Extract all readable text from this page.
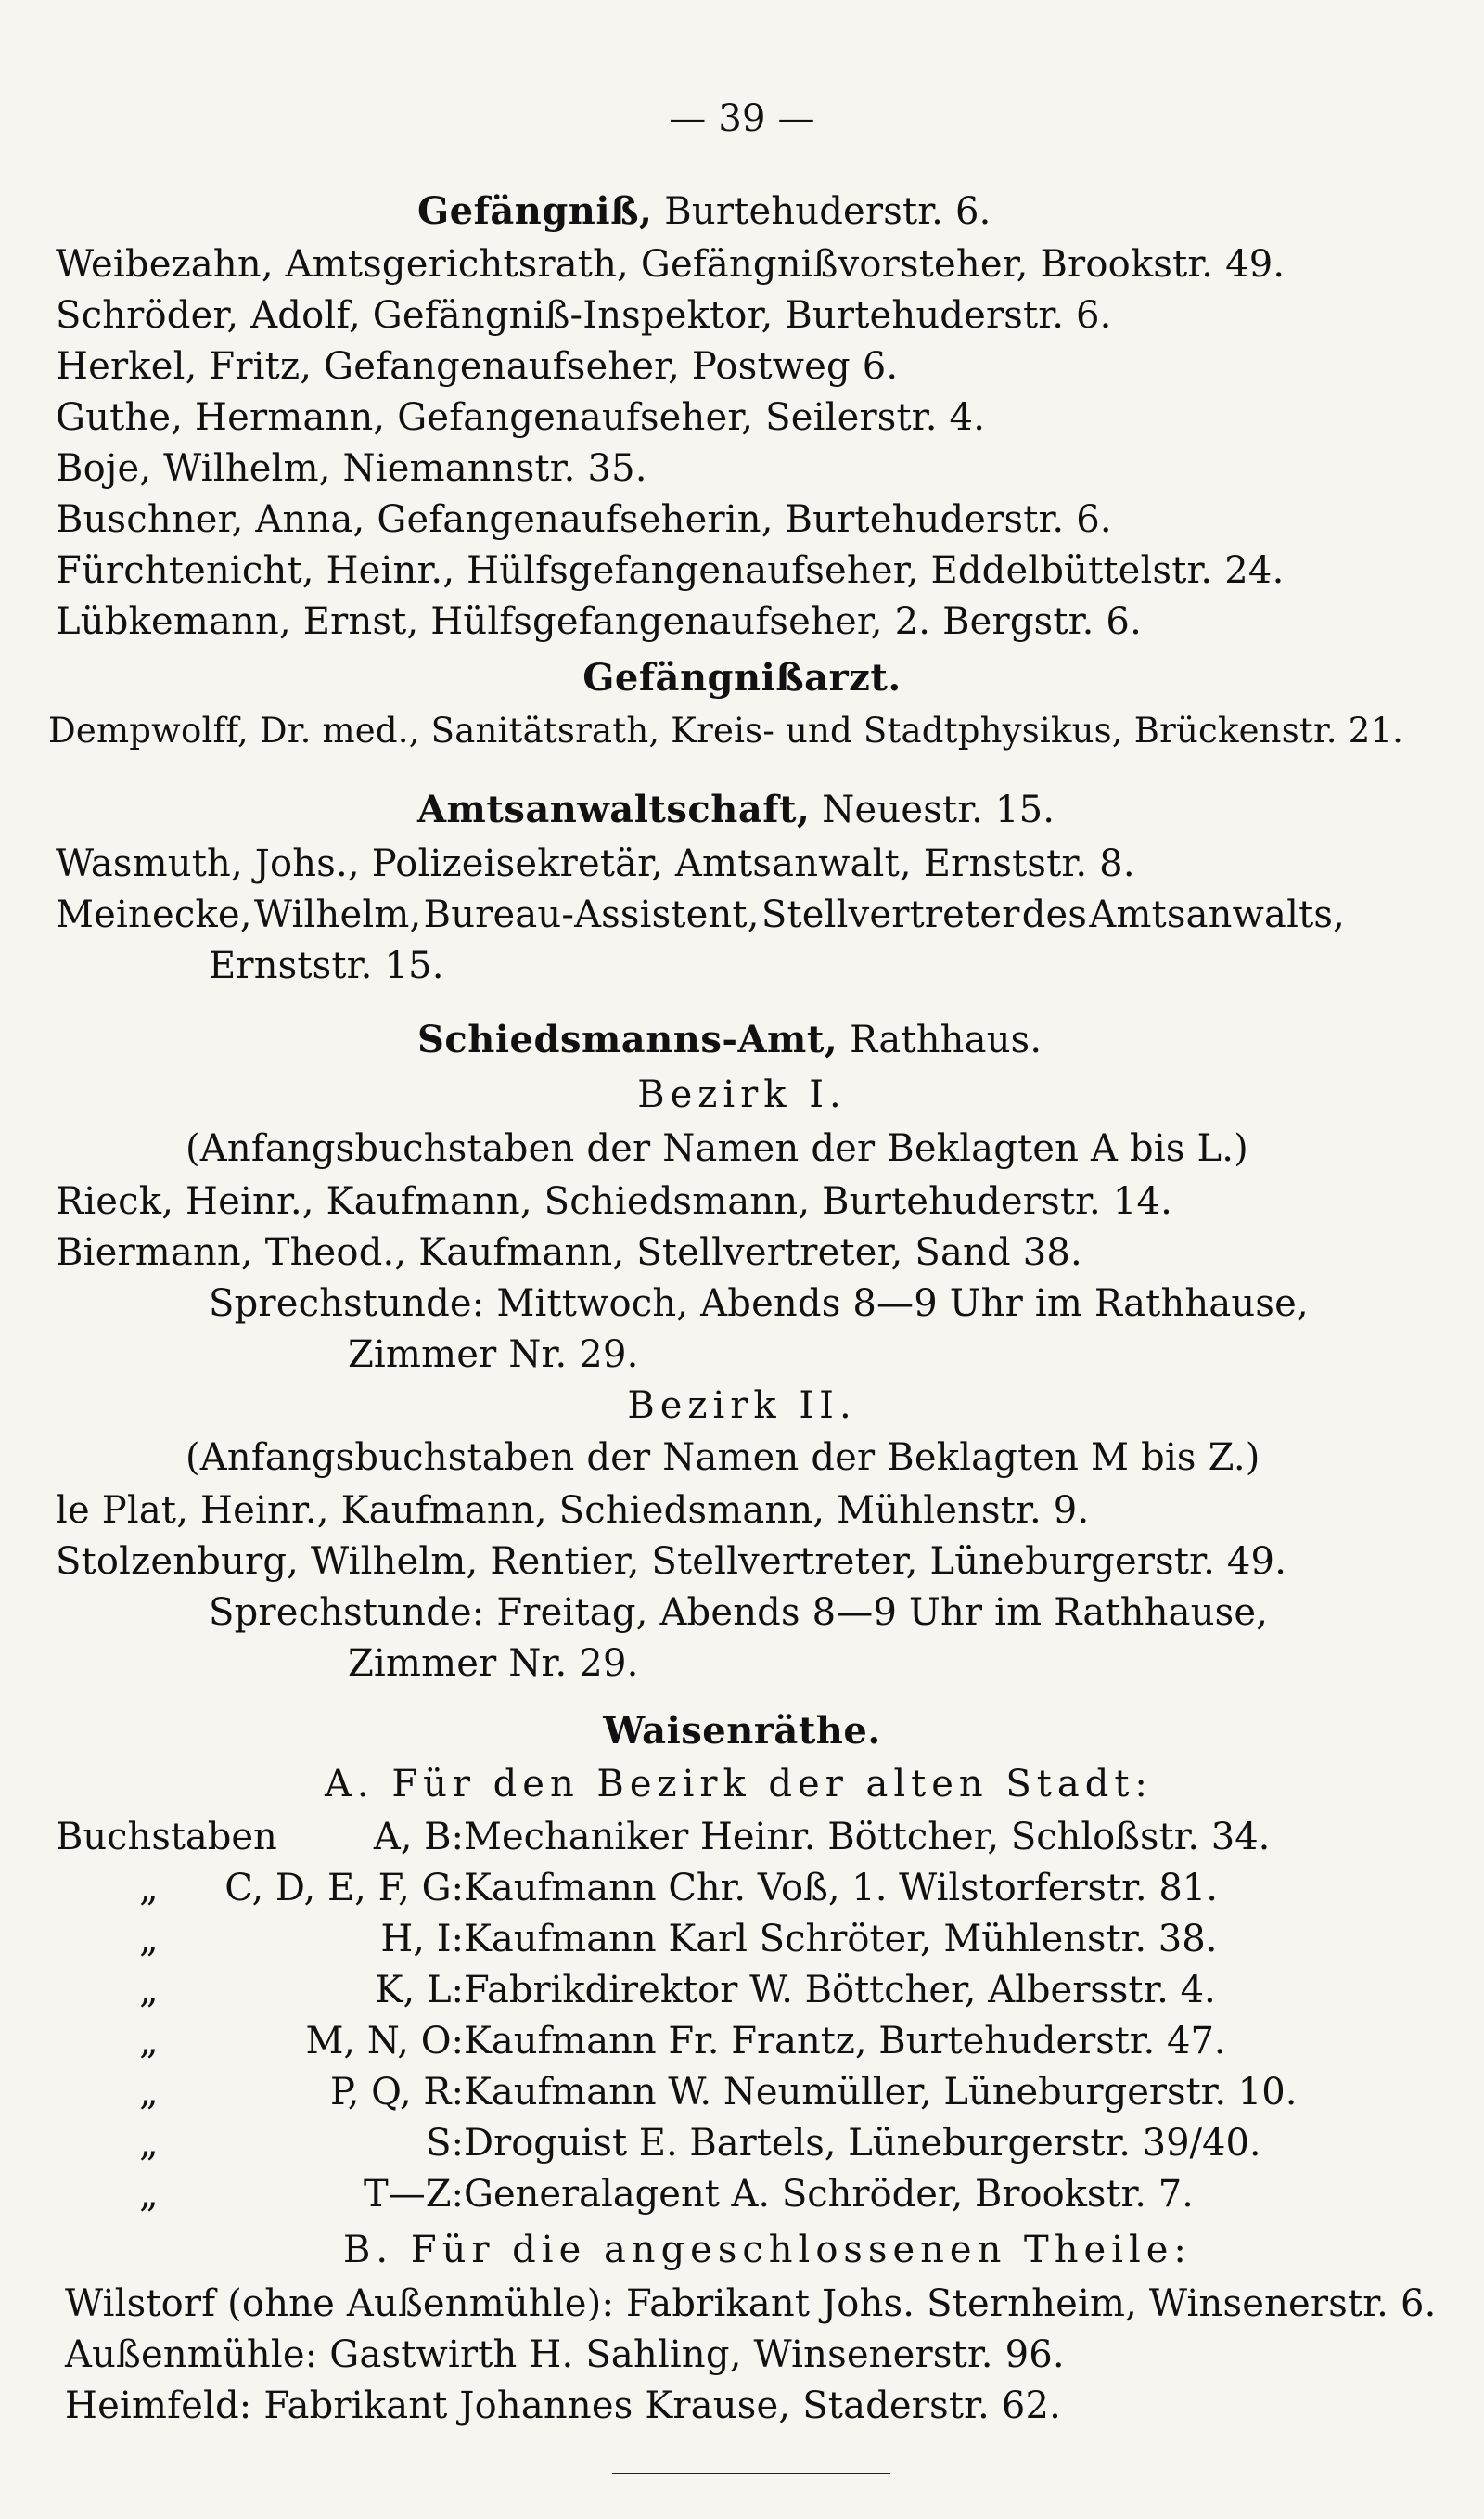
— 39 —
Gefängniß, Burtehuderstr. 6.
Weibezahn, Amtsgerichtsrath, Gefängnißvorsteher, Brookstr. 49.
Schröder, Adolf, Gefängniß-Inspektor, Burtehuderstr. 6.
Herkel, Fritz, Gefangenaufseher, Postweg 6.
Guthe, Hermann, Gefangenaufseher, Seilerstr. 4.
Boje, Wilhelm, Niemannstr. 35.
Buschner, Anna, Gefangenaufseherin, Burtehuderstr. 6.
Fürchtenicht, Heinr., Hülfsgefangenaufseher, Eddelbüttelstr. 24.
Lübkemann, Ernst, Hülfsgefangenaufseher, 2. Bergstr. 6.
Gefängnißarzt.
Dempwolff, Dr. med., Sanitätsrath, Kreis- und Stadtphysikus, Brückenstr. 21.
Amtsanwaltschaft, Neuestr. 15.
Wasmuth, Johs., Polizeisekretär, Amtsanwalt, Ernststr. 8.
Meinecke, Wilhelm, Bureau-Assistent, Stellvertreter des Amtsanwalts,
Ernststr. 15.
Schiedsmanns-Amt, Rathhaus.
Bezirk I.
(Anfangsbuchstaben der Namen der Beklagten A bis L.)
Rieck, Heinr., Kaufmann, Schiedsmann, Burtehuderstr. 14.
Biermann, Theod., Kaufmann, Stellvertreter, Sand 38.
Sprechstunde: Mittwoch, Abends 8—9 Uhr im Rathhause,
Zimmer Nr. 29.
Bezirk II.
(Anfangsbuchstaben der Namen der Beklagten M bis Z.)
le Plat, Heinr., Kaufmann, Schiedsmann, Mühlenstr. 9.
Stolzenburg, Wilhelm, Rentier, Stellvertreter, Lüneburgerstr. 49.
Sprechstunde: Freitag, Abends 8—9 Uhr im Rathhause,
Zimmer Nr. 29.
Waisenräthe.
A. Für den Bezirk der alten Stadt:
Buchstaben	A, B: Mechaniker Heinr. Böttcher, Schloßstr. 34.
„ C, D, E, F, G: Kaufmann Chr. Voß, 1. Wilstorferstr. 81.
„	H, I: Kaufmann Karl Schröter, Mühlenstr. 38.
„	K, L: Fabrikdirektor W. Böttcher, Albersstr. 4.
„	M, N, O: Kaufmann Fr. Frantz, Burtehuderstr. 47.
„	P, Q, R: Kaufmann W. Neumüller, Lüneburgerstr. 10.
„	S: Droguist E. Bartels, Lüneburgerstr. 39/40.
„	T—Z: Generalagent A. Schröder, Brookstr. 7.
B. Für die angeschlossenen Theile:
Wilstorf (ohne Außenmühle): Fabrikant Johs. Sternheim, Winsenerstr. 6.
Außenmühle: Gastwirth H. Sahling, Winsenerstr. 96.
Heimfeld: Fabrikant Johannes Krause, Staderstr. 62.
